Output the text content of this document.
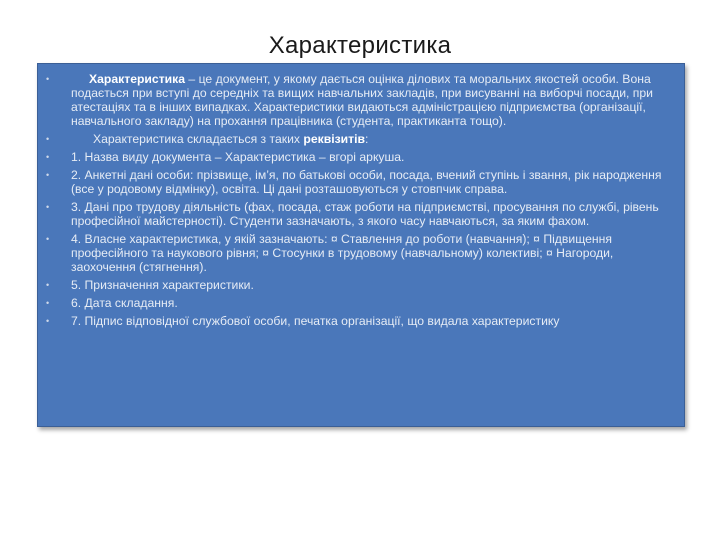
Характеристика
•	Характеристика – це документ, у якому дається оцінка ділових та моральних якостей особи. Вона подається при вступі до середніх та вищих навчальних закладів, при висуванні на виборчі посади, при атестаціях та в інших випадках. Характеристики видаються адміністрацією підприємства (організації, навчального закладу) на прохання працівника (студента, практиканта тощо).
•	Характеристика складається з таких реквізитів:
• 1. Назва виду документа – Характеристика – вгорі аркуша.
• 2. Анкетні дані особи: прізвище, ім’я, по батькові особи, посада, вчений ступінь і звання, рік народження (все у родовому відмінку), освіта. Ці дані розташовуються у стовпчик справа.
• 3. Дані про трудову діяльність (фах, посада, стаж роботи на підприємстві, просування по службі, рівень професійної майстерності). Студенти зазначають, з якого часу навчаються, за яким фахом.
• 4. Власне характеристика, у якій зазначають: ¤ Ставлення до роботи (навчання); ¤ Підвищення професійного та наукового рівня; ¤ Стосунки в трудовому (навчальному) колективі; ¤ Нагороди, заохочення (стягнення).
• 5. Призначення характеристики.
• 6. Дата складання.
• 7. Підпис відповідної службової особи, печатка організації, що видала характеристику
